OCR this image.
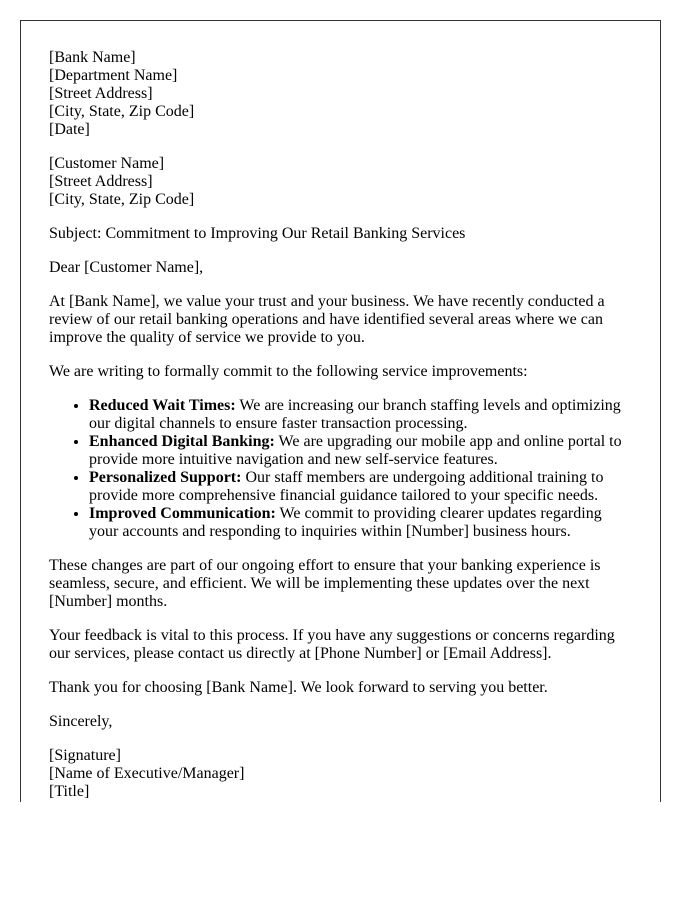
[Bank Name]
[Department Name]
[Street Address]
[City, State, Zip Code]
[Date]

[Customer Name]
[Street Address]
[City, State, Zip Code]

Subject: Commitment to Improving Our Retail Banking Services

Dear [Customer Name],

At [Bank Name], we value your trust and your business. We have recently conducted a review of our retail banking operations and have identified several areas where we can improve the quality of service we provide to you.

We are writing to formally commit to the following service improvements:

• Reduced Wait Times: We are increasing our branch staffing levels and optimizing our digital channels to ensure faster transaction processing.
• Enhanced Digital Banking: We are upgrading our mobile app and online portal to provide more intuitive navigation and new self-service features.
• Personalized Support: Our staff members are undergoing additional training to provide more comprehensive financial guidance tailored to your specific needs.
• Improved Communication: We commit to providing clearer updates regarding your accounts and responding to inquiries within [Number] business hours.

These changes are part of our ongoing effort to ensure that your banking experience is seamless, secure, and efficient. We will be implementing these updates over the next [Number] months.

Your feedback is vital to this process. If you have any suggestions or concerns regarding our services, please contact us directly at [Phone Number] or [Email Address].

Thank you for choosing [Bank Name]. We look forward to serving you better.

Sincerely,

[Signature]
[Name of Executive/Manager]
[Title]
